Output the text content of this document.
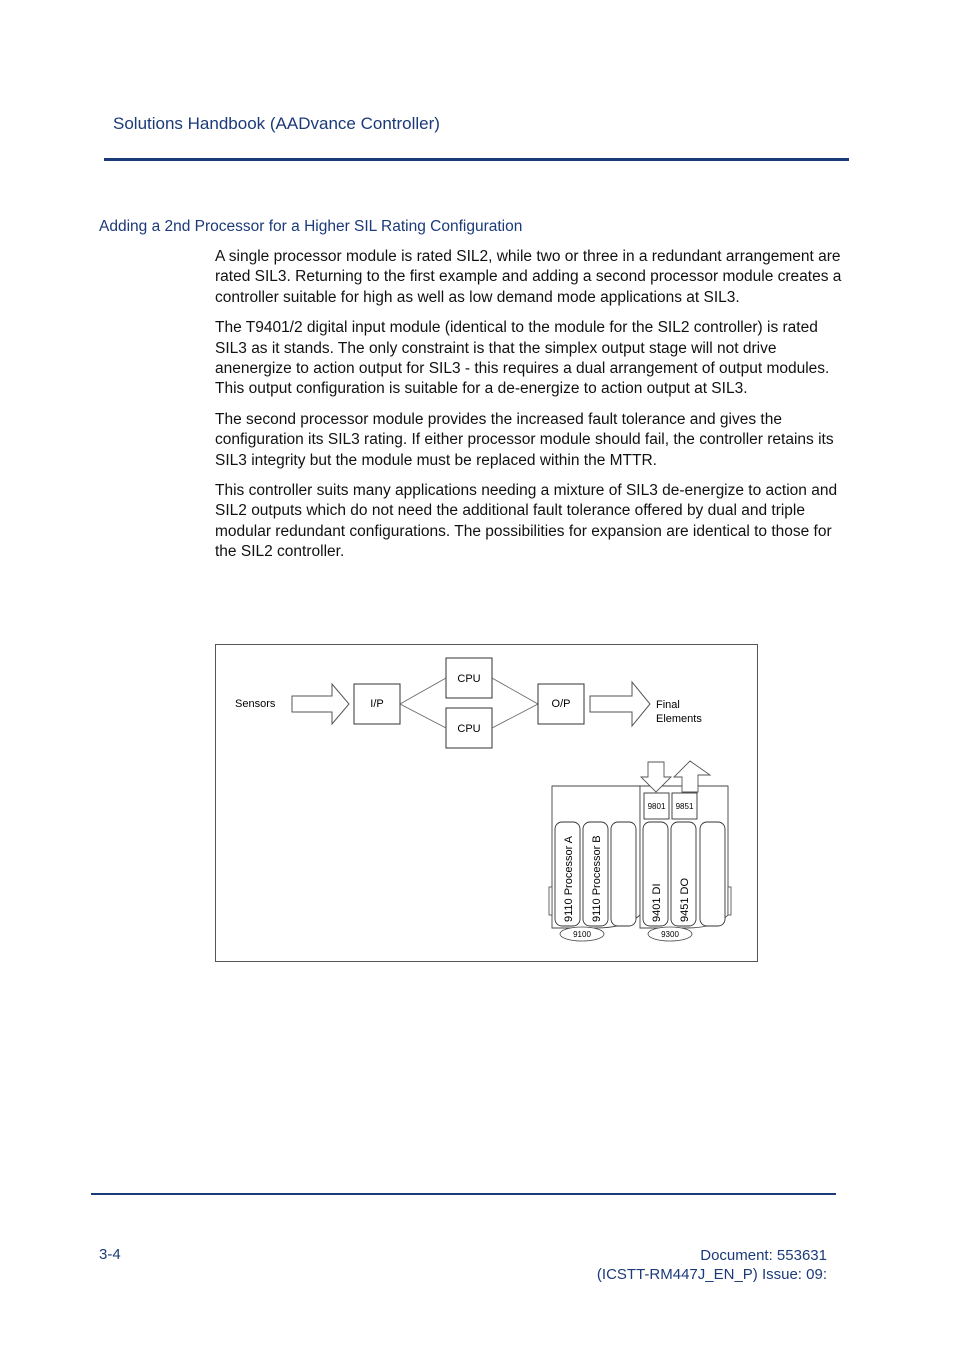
Solutions Handbook (AADvance Controller)
Adding a 2nd Processor for a Higher SIL Rating Configuration

A single processor module is rated SIL2, while two or three in a redundant arrangement are rated SIL3. Returning to the first example and adding a second processor module creates a controller suitable for high as well as low demand mode applications at SIL3.

The T9401/2 digital input module (identical to the module for the SIL2 controller) is rated SIL3 as it stands. The only constraint is that the simplex output stage will not drive anenergize to action output for SIL3 - this requires a dual arrangement of output modules. This output configuration is suitable for a de-energize to action output at SIL3.

The second processor module provides the increased fault tolerance and gives the configuration its SIL3 rating. If either processor module should fail, the controller retains its SIL3 integrity but the module must be replaced within the MTTR.

This controller suits many applications needing a mixture of SIL3 de-energize to action and SIL2 outputs which do not need the additional fault tolerance offered by dual and triple modular redundant configurations. The possibilities for expansion are identical to those for the SIL2 controller.

Sensors	I/P
CPU
CPU
O/P	Final
Elements
9801 9851
9110 Processor A 9110 Processor B	9401 DI 9451 DO
9100	9300
3-4	Document: 553631
(ICSTT-RM447J_EN_P) Issue: 09:
